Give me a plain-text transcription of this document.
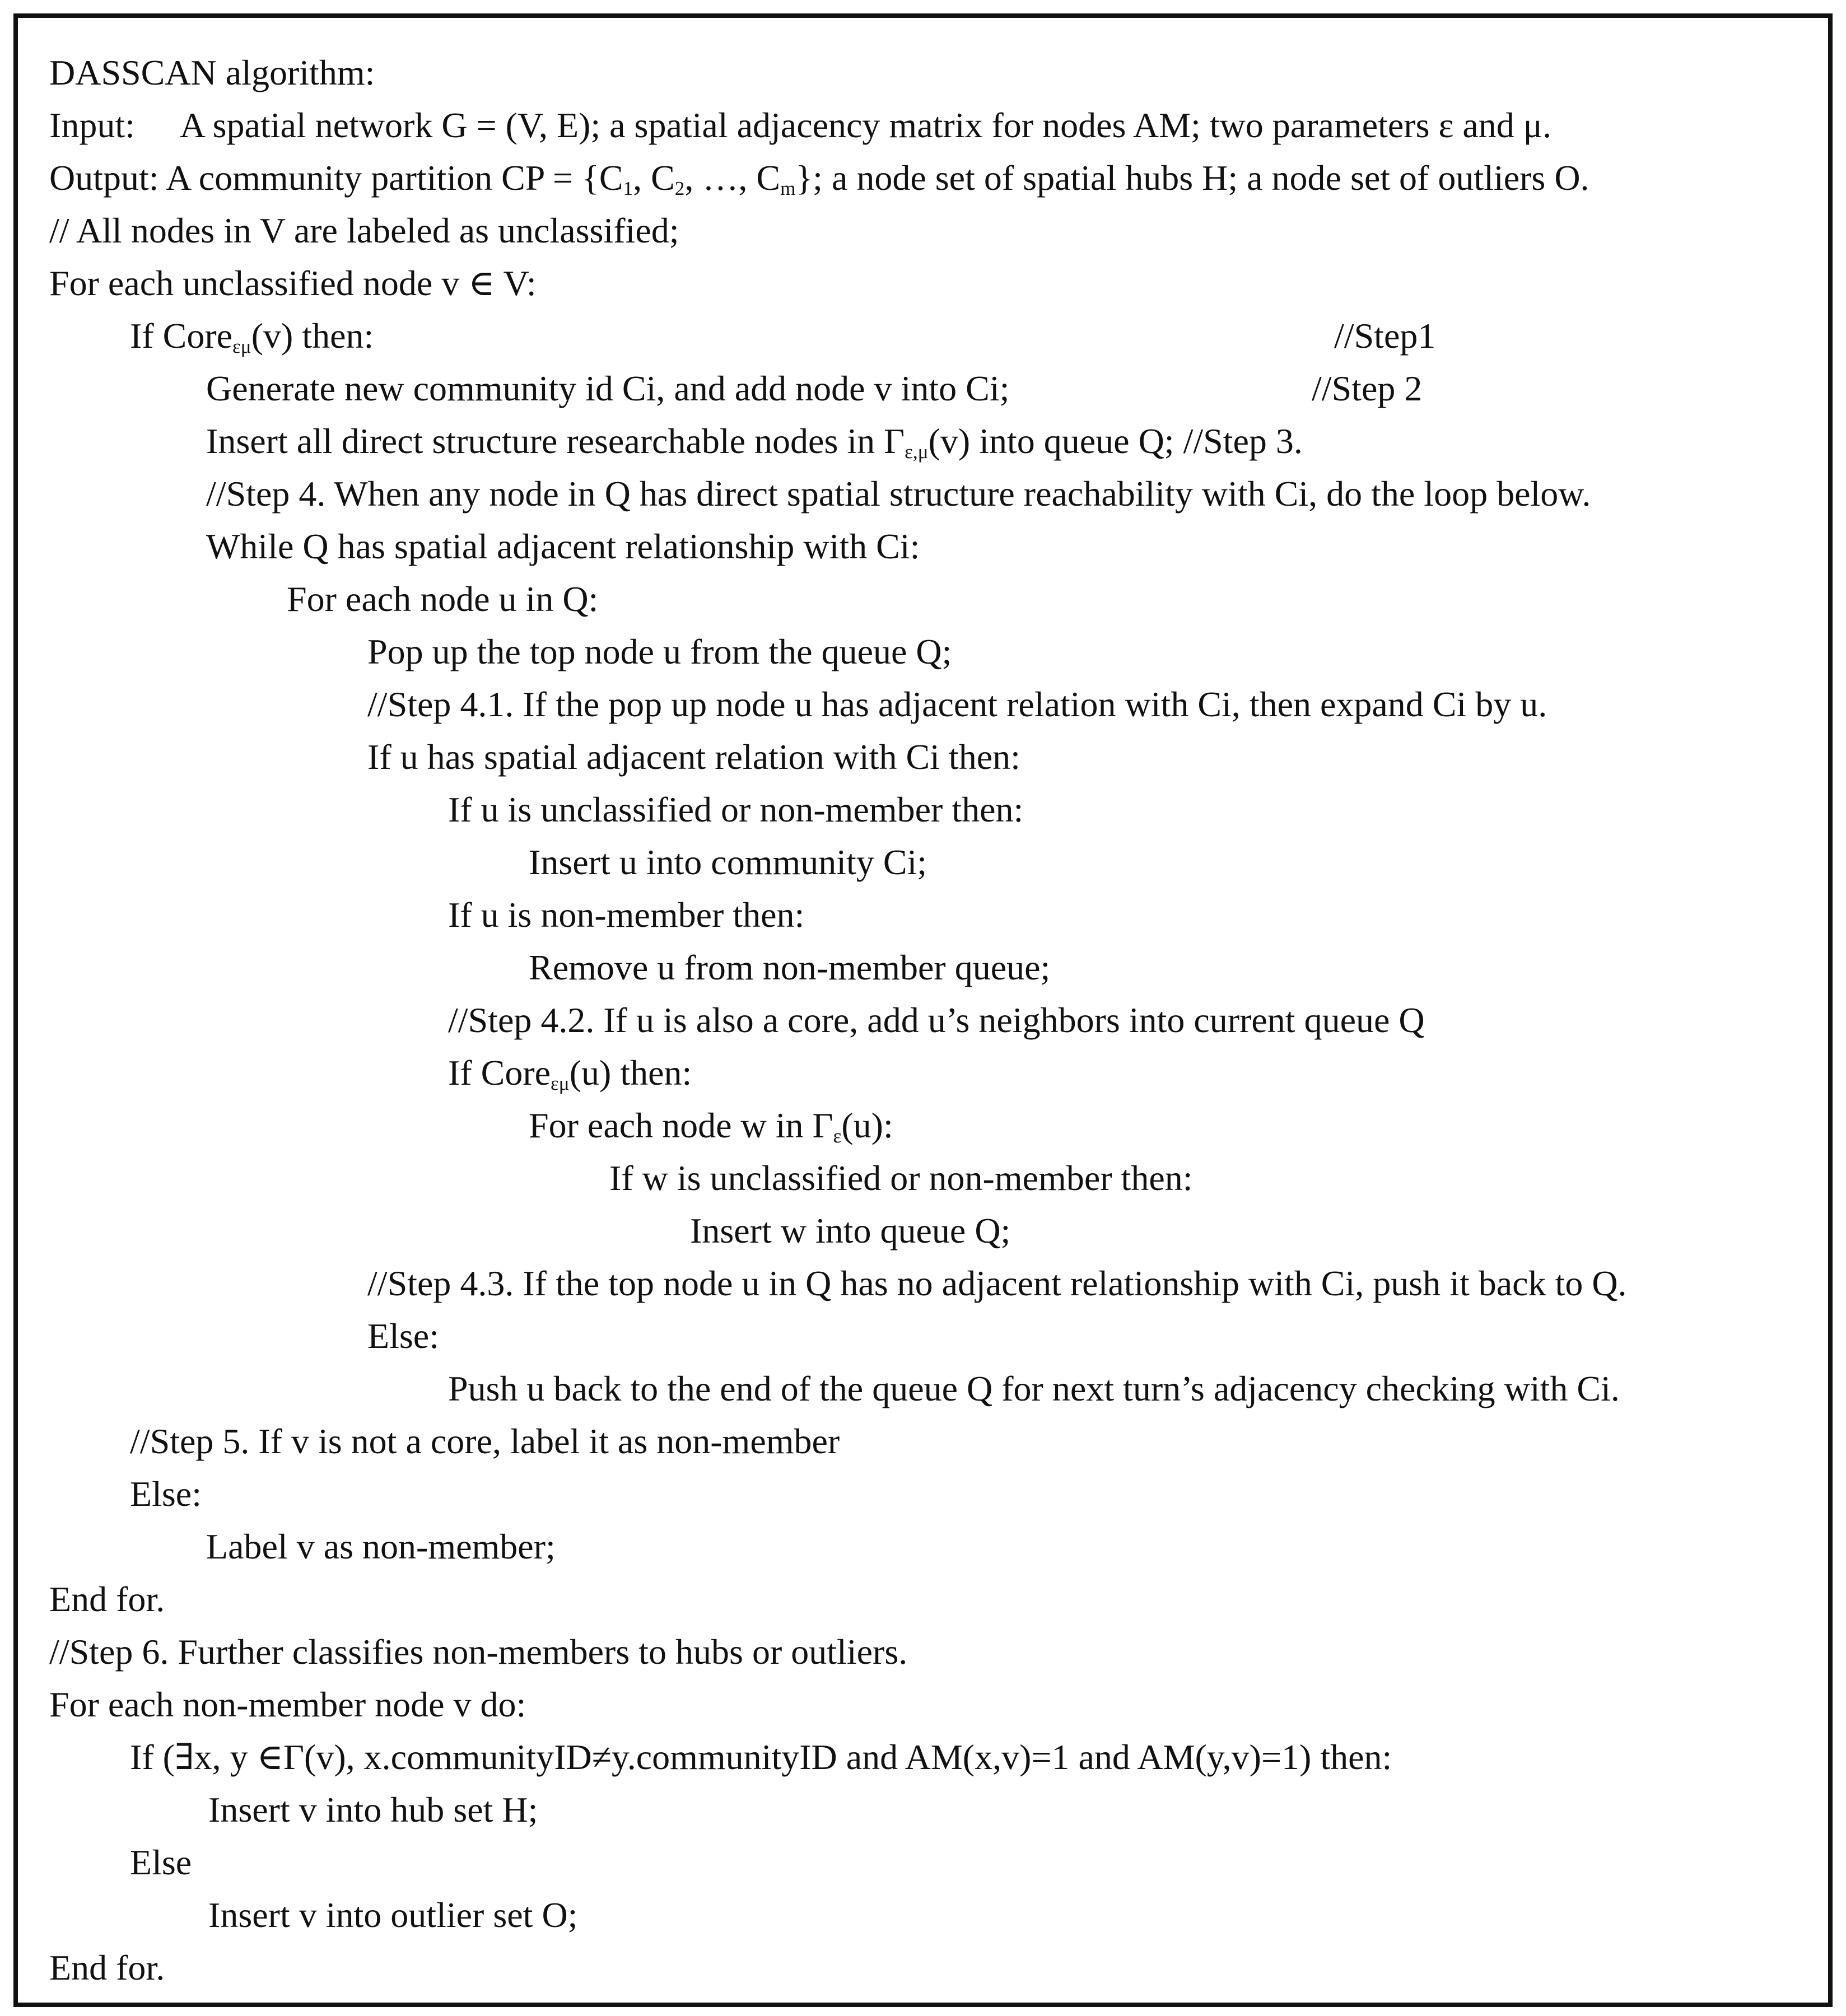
DASSCAN algorithm:
Input: A spatial network G = (V, E); a spatial adjacency matrix for nodes AM; two parameters ε and μ.
Output: A community partition CP = {$C_1$, $C_2$, …, $C_m$}; a node set of spatial hubs H; a node set of outliers O.
// All nodes in V are labeled as unclassified;
For each unclassified node v ∈ V:
If Core$_{\varepsilon\mu}$(v) then:	//Step1
Generate new community id Ci, and add node v into Ci;	//Step 2
Insert all direct structure researchable nodes in $\Gamma_{\varepsilon,\mu}(v)$ into queue Q; //Step 3.
//Step 4. When any node in Q has direct spatial structure reachability with Ci, do the loop below.
While Q has spatial adjacent relationship with Ci:
For each node u in Q:
Pop up the top node u from the queue Q;
//Step 4.1. If the pop up node u has adjacent relation with Ci, then expand Ci by u.
If u has spatial adjacent relation with Ci then:
If u is unclassified or non-member then:
Insert u into community Ci;
If u is non-member then:
Remove u from non-member queue;
//Step 4.2. If u is also a core, add u’s neighbors into current queue Q
If Core$_{\varepsilon\mu}$(u) then:
For each node w in $\Gamma_\varepsilon(u)$:
If w is unclassified or non-member then:
Insert w into queue Q;
//Step 4.3. If the top node u in Q has no adjacent relationship with Ci, push it back to Q.
Else:
Push u back to the end of the queue Q for next turn’s adjacency checking with Ci.
//Step 5. If v is not a core, label it as non-member
Else:
Label v as non-member;
End for.
//Step 6. Further classifies non-members to hubs or outliers.
For each non-member node v do:
If (∃x, y ∈Γ(v), x.communityID≠y.communityID and AM(x,v)=1 and AM(y,v)=1) then:
Insert v into hub set H;
Else
Insert v into outlier set O;
End for.
